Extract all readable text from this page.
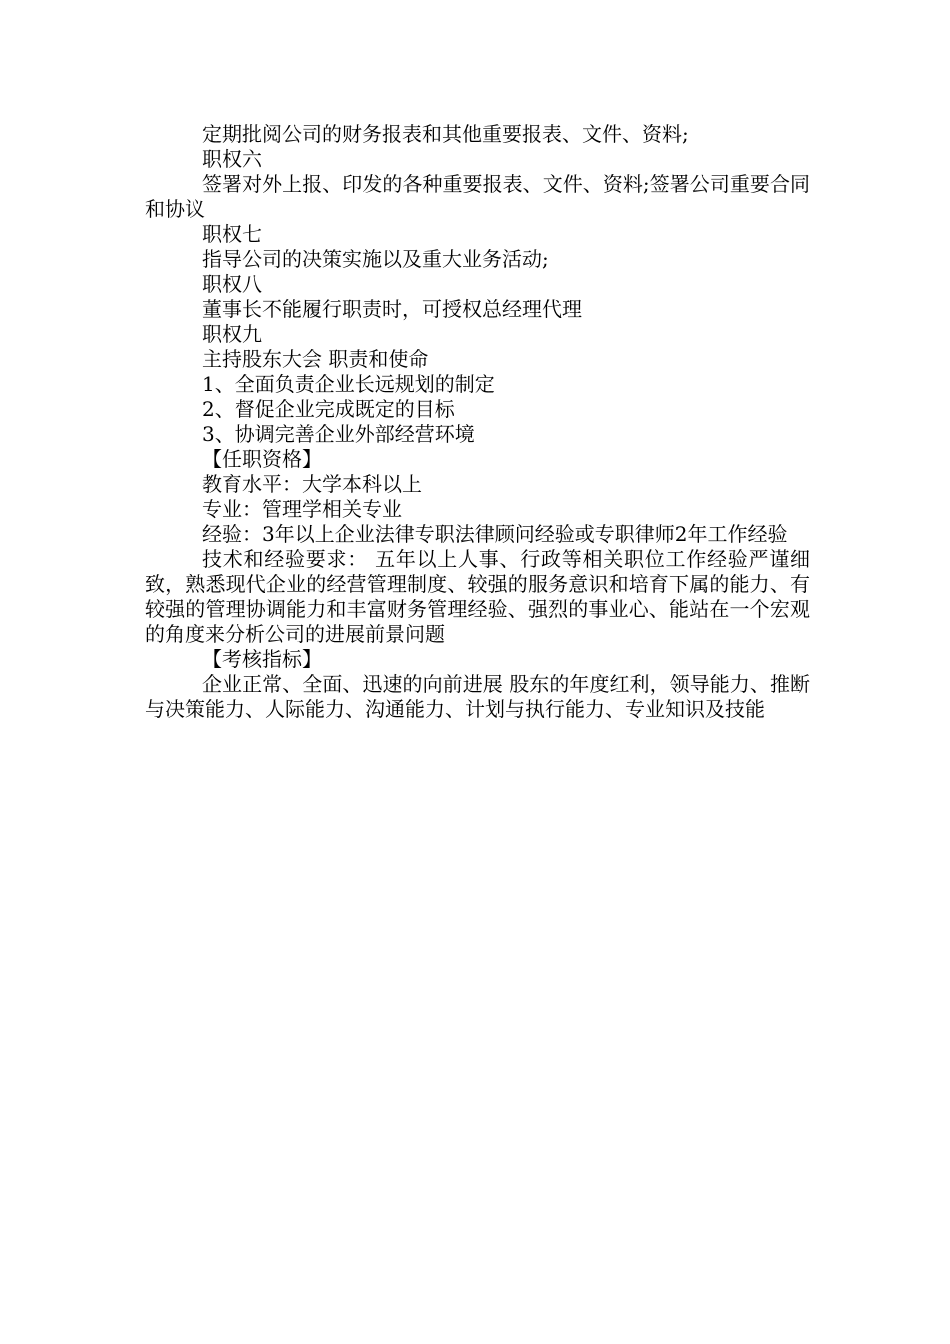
定期批阅公司的财务报表和其他重要报表、文件、资料;

职权六

签署对外上报、印发的各种重要报表、文件、资料;签署公司重要合同和协议

职权七

指导公司的决策实施以及重大业务活动;

职权八

董事长不能履行职责时，可授权总经理代理

职权九

主持股东大会 职责和使命

1、全面负责企业长远规划的制定

2、督促企业完成既定的目标

3、协调完善企业外部经营环境

【任职资格】

教育水平：大学本科以上

专业：管理学相关专业

经验：3年以上企业法律专职法律顾问经验或专职律师2年工作经验

技术和经验要求： 五年以上人事、行政等相关职位工作经验严谨细致，熟悉现代企业的经营管理制度、较强的服务意识和培育下属的能力、有较强的管理协调能力和丰富财务管理经验、强烈的事业心、能站在一个宏观的角度来分析公司的进展前景问题

【考核指标】

企业正常、全面、迅速的向前进展 股东的年度红利，领导能力、推断与决策能力、人际能力、沟通能力、计划与执行能力、专业知识及技能
